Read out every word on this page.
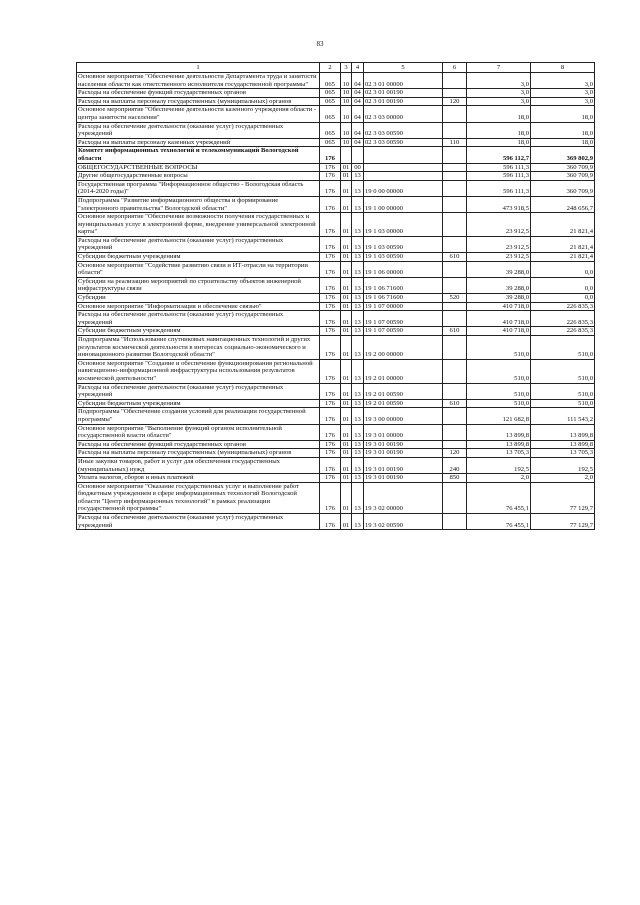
83
1	2	3	4	5	6	7	8
Основное мероприятие "Обеспечение деятельности Департамента труда и занятости населения области как ответственного исполнителя государственной программы"	065	10	04	02 3 01 00000		3,0	3,0
Расходы на обеспечение функций государственных органов	065	10	04	02 3 01 00190		3,0	3,0
Расходы на выплаты персоналу государственных (муниципальных) органов	065	10	04	02 3 01 00190	120	3,0	3,0
Основное мероприятие "Обеспечение деятельности казенного учреждения области - центра занятости населения"	065	10	04	02 3 03 00000		18,0	18,0
Расходы на обеспечение деятельности (оказание услуг) государственных учреждений	065	10	04	02 3 03 00590		18,0	18,0
Расходы на выплаты персоналу казенных учреждений	065	10	04	02 3 03 00590	110	18,0	18,0
Комитет информационных технологий и телекоммуникаций Вологодской области	176					596 112,7	369 802,9
ОБЩЕГОСУДАРСТВЕННЫЕ ВОПРОСЫ	176	01	00			596 111,3	360 709,9
Другие общегосударственные вопросы	176	01	13			596 111,3	360 709,9
Государственная программа "Информационное общество - Вологодская область (2014-2020 годы)"	176	01	13	19 0 00 00000		596 111,3	360 709,9
Подпрограмма "Развитие информационного общества и формирование "электронного правительства" Вологодской области"	176	01	13	19 1 00 00000		473 918,5	248 656,7
Основное мероприятие "Обеспечение возможности получения государственных и муниципальных услуг в электронной форме, внедрение универсальной электронной карты"	176	01	13	19 1 03 00000		23 912,5	21 821,4
Расходы на обеспечение деятельности (оказание услуг) государственных учреждений	176	01	13	19 1 03 00590		23 912,5	21 821,4
Субсидии бюджетным учреждениям	176	01	13	19 1 03 00590	610	23 912,5	21 821,4
Основное мероприятие "Содействие развитию связи и ИТ-отрасли на территории области"	176	01	13	19 1 06 00000		39 288,0	0,0
Субсидии на реализацию мероприятий по строительству объектов инженерной инфраструктуры связи	176	01	13	19 1 06 71600		39 288,0	0,0
Субсидии	176	01	13	19 1 06 71600	520	39 288,0	0,0
Основное мероприятие "Информатизация и обеспечение связью"	176	01	13	19 1 07 00000		410 718,0	226 835,3
Расходы на обеспечение деятельности (оказание услуг) государственных учреждений	176	01	13	19 1 07 00590		410 718,0	226 835,3
Субсидии бюджетным учреждениям	176	01	13	19 1 07 00590	610	410 718,0	226 835,3
Подпрограмма "Использование спутниковых навигационных технологий и других результатов космической деятельности в интересах социально-экономического и инновационного развития Вологодской области"	176	01	13	19 2 00 00000		510,0	510,0
Основное мероприятие "Создание и обеспечение функционирования региональной навигационно-информационной инфраструктуры использования результатов космической деятельности"	176	01	13	19 2 01 00000		510,0	510,0
Расходы на обеспечение деятельности (оказание услуг) государственных учреждений	176	01	13	19 2 01 00590		510,0	510,0
Субсидии бюджетным учреждениям	176	01	13	19 2 01 00590	610	510,0	510,0
Подпрограмма "Обеспечение создания условий для реализации государственной программы"	176	01	13	19 3 00 00000		121 682,8	111 543,2
Основное мероприятие "Выполнение функций органом исполнительной государственной власти области"	176	01	13	19 3 01 00000		13 899,8	13 899,8
Расходы на обеспечение функций государственных органов	176	01	13	19 3 01 00190		13 899,8	13 899,8
Расходы на выплаты персоналу государственных (муниципальных) органов	176	01	13	19 3 01 00190	120	13 705,3	13 705,3
Иные закупки товаров, работ и услуг для обеспечения государственных (муниципальных) нужд	176	01	13	19 3 01 00190	240	192,5	192,5
Уплата налогов, сборов и иных платежей	176	01	13	19 3 01 00190	850	2,0	2,0
Основное мероприятие "Оказание государственных услуг и выполнение работ бюджетным учреждением в сфере информационных технологий Вологодской области "Центр информационных технологий" в рамках реализации государственной программы"	176	01	13	19 3 02 00000		76 455,1	77 129,7
Расходы на обеспечение деятельности (оказание услуг) государственных учреждений	176	01	13	19 3 02 00590		76 455,1	77 129,7
